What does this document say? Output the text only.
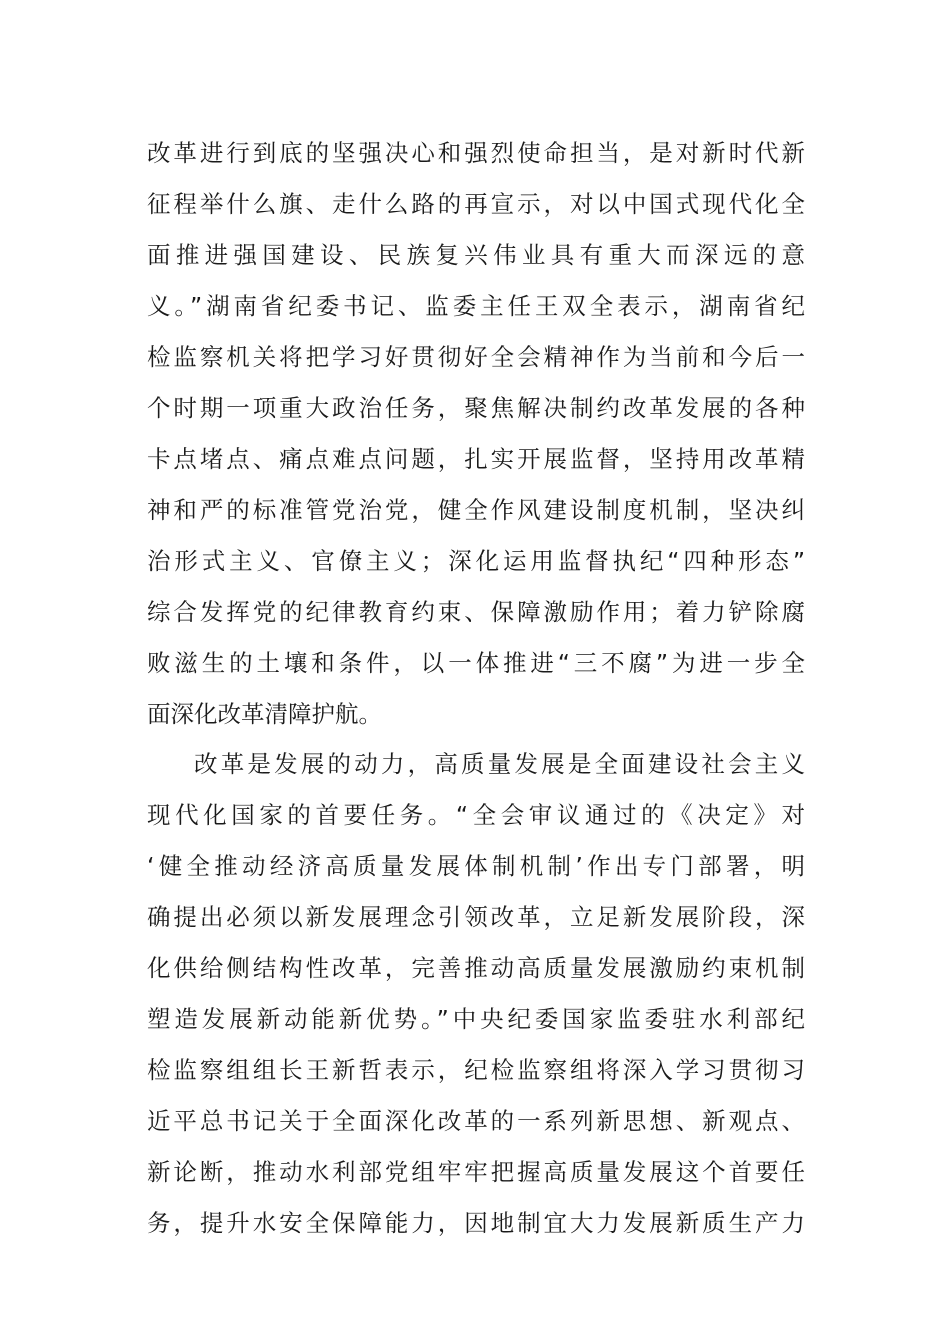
改革进行到底的坚强决心和强烈使命担当，是对新时代新
征程举什么旗、走什么路的再宣示，对以中国式现代化全
面推进强国建设、民族复兴伟业具有重大而深远的意
义。”湖南省纪委书记、监委主任王双全表示，湖南省纪
检监察机关将把学习好贯彻好全会精神作为当前和今后一
个时期一项重大政治任务，聚焦解决制约改革发展的各种
卡点堵点、痛点难点问题，扎实开展监督，坚持用改革精
神和严的标准管党治党，健全作风建设制度机制，坚决纠
治形式主义、官僚主义；深化运用监督执纪“四种形态”
综合发挥党的纪律教育约束、保障激励作用；着力铲除腐
败滋生的土壤和条件，以一体推进“三不腐”为进一步全
面深化改革清障护航。
改革是发展的动力，高质量发展是全面建设社会主义
现代化国家的首要任务。“全会审议通过的《决定》对
‘健全推动经济高质量发展体制机制’作出专门部署，明
确提出必须以新发展理念引领改革，立足新发展阶段，深
化供给侧结构性改革，完善推动高质量发展激励约束机制
塑造发展新动能新优势。”中央纪委国家监委驻水利部纪
检监察组组长王新哲表示，纪检监察组将深入学习贯彻习
近平总书记关于全面深化改革的一系列新思想、新观点、
新论断，推动水利部党组牢牢把握高质量发展这个首要任
务，提升水安全保障能力，因地制宜大力发展新质生产力
